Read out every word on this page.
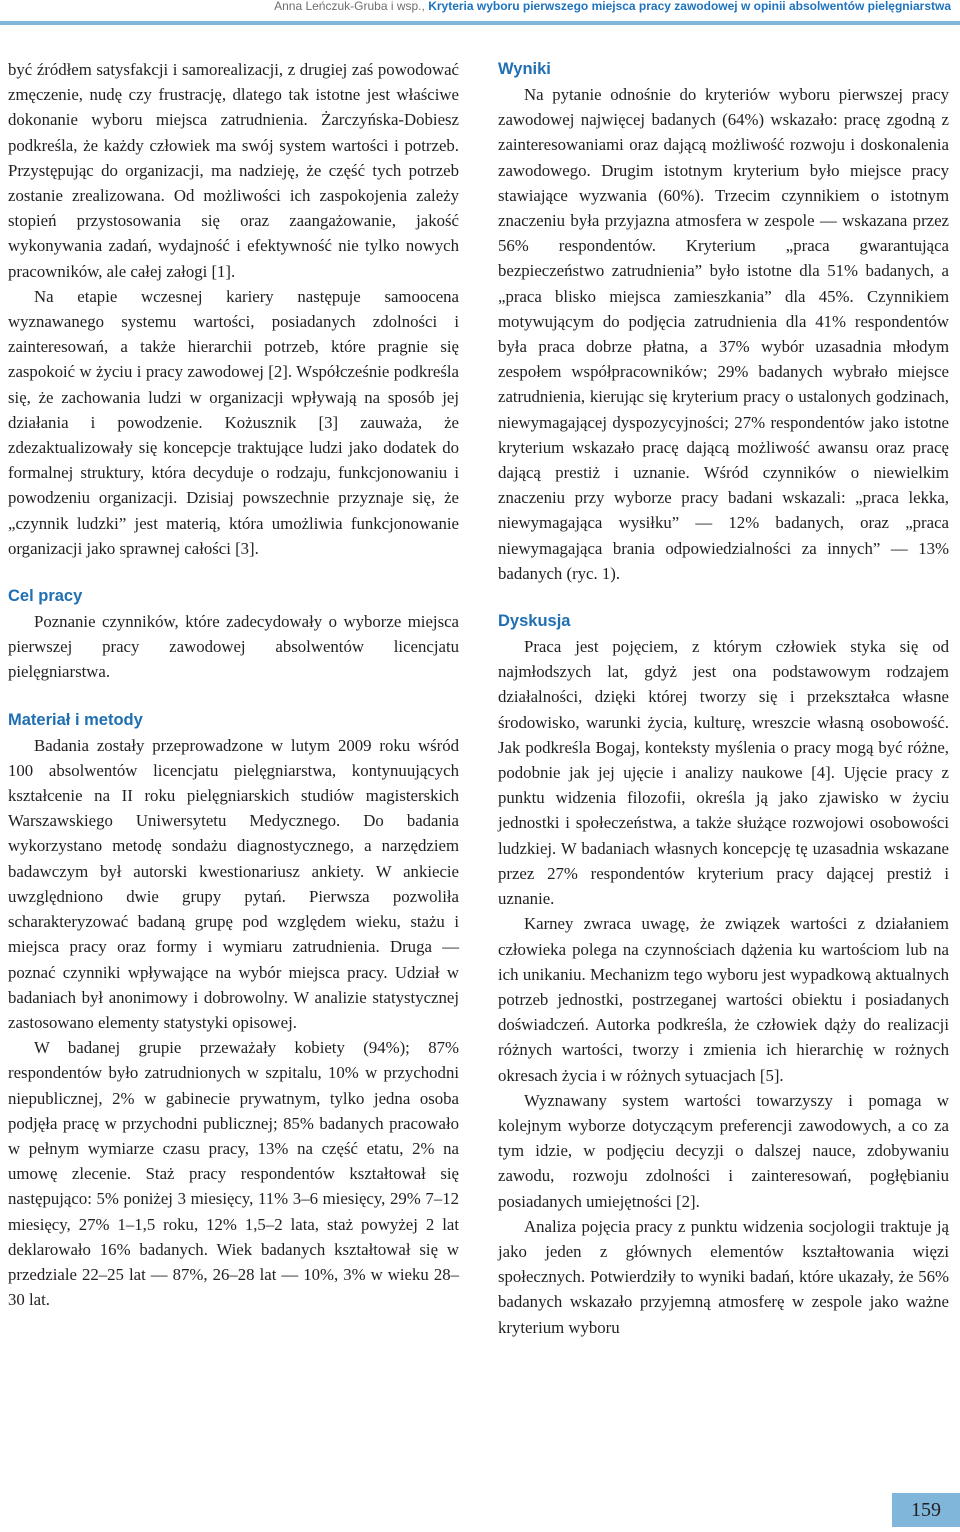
Anna Leńczuk-Gruba i wsp., Kryteria wyboru pierwszego miejsca pracy zawodowej w opinii absolwentów pielęgniarstwa

być źródłem satysfakcji i samorealizacji, z drugiej zaś powodować zmęczenie, nudę czy frustrację, dlatego tak istotne jest właściwe dokonanie wyboru miejsca zatrudnienia. Żarczyńska-Dobiesz podkreśla, że każdy człowiek ma swój system wartości i potrzeb. Przystępując do organizacji, ma nadzieję, że część tych potrzeb zostanie zrealizowana. Od możliwości ich zaspokojenia zależy stopień przystosowania się oraz zaangażowanie, jakość wykonywania zadań, wydajność i efektywność nie tylko nowych pracowników, ale całej załogi [1].

Na etapie wczesnej kariery następuje samoocena wyznawanego systemu wartości, posiadanych zdolności i zainteresowań, a także hierarchii potrzeb, które pragnie się zaspokoić w życiu i pracy zawodowej [2]. Współcześnie podkreśla się, że zachowania ludzi w organizacji wpływają na sposób jej działania i powodzenie. Kożusznik [3] zauważa, że zdezaktualizowały się koncepcje traktujące ludzi jako dodatek do formalnej struktury, która decyduje o rodzaju, funkcjonowaniu i powodzeniu organizacji. Dzisiaj powszechnie przyznaje się, że „czynnik ludzki” jest materią, która umożliwia funkcjonowanie organizacji jako sprawnej całości [3].

Cel pracy

Poznanie czynników, które zadecydowały o wyborze miejsca pierwszej pracy zawodowej absolwentów licencjatu pielęgniarstwa.

Materiał i metody

Badania zostały przeprowadzone w lutym 2009 roku wśród 100 absolwentów licencjatu pielęgniarstwa, kontynuujących kształcenie na II roku pielęgniarskich studiów magisterskich Warszawskiego Uniwersytetu Medycznego. Do badania wykorzystano metodę sondażu diagnostycznego, a narzędziem badawczym był autorski kwestionariusz ankiety. W ankiecie uwzględniono dwie grupy pytań. Pierwsza pozwoliła scharakteryzować badaną grupę pod względem wieku, stażu i miejsca pracy oraz formy i wymiaru zatrudnienia. Druga — poznać czynniki wpływające na wybór miejsca pracy. Udział w badaniach był anonimowy i dobrowolny. W analizie statystycznej zastosowano elementy statystyki opisowej.

W badanej grupie przeważały kobiety (94%); 87% respondentów było zatrudnionych w szpitalu, 10% w przychodni niepublicznej, 2% w gabinecie prywatnym, tylko jedna osoba podjęła pracę w przychodni publicznej; 85% badanych pracowało w pełnym wymiarze czasu pracy, 13% na część etatu, 2% na umowę zlecenie. Staż pracy respondentów kształtował się następująco: 5% poniżej 3 miesięcy, 11% 3–6 miesięcy, 29% 7–12 miesięcy, 27% 1–1,5 roku, 12% 1,5–2 lata, staż powyżej 2 lat deklarowało 16% badanych. Wiek badanych kształtował się w przedziale 22–25 lat — 87%, 26–28 lat — 10%, 3% w wieku 28–30 lat.

Wyniki

Na pytanie odnośnie do kryteriów wyboru pierwszej pracy zawodowej najwięcej badanych (64%) wskazało: pracę zgodną z zainteresowaniami oraz dającą możliwość rozwoju i doskonalenia zawodowego. Drugim istotnym kryterium było miejsce pracy stawiające wyzwania (60%). Trzecim czynnikiem o istotnym znaczeniu była przyjazna atmosfera w zespole — wskazana przez 56% respondentów. Kryterium „praca gwarantująca bezpieczeństwo zatrudnienia” było istotne dla 51% badanych, a „praca blisko miejsca zamieszkania” dla 45%. Czynnikiem motywującym do podjęcia zatrudnienia dla 41% respondentów była praca dobrze płatna, a 37% wybór uzasadnia młodym zespołem współpracowników; 29% badanych wybrało miejsce zatrudnienia, kierując się kryterium pracy o ustalonych godzinach, niewymagającej dyspozycyjności; 27% respondentów jako istotne kryterium wskazało pracę dającą możliwość awansu oraz pracę dającą prestiż i uznanie. Wśród czynników o niewielkim znaczeniu przy wyborze pracy badani wskazali: „praca lekka, niewymagająca wysiłku” — 12% badanych, oraz „praca niewymagająca brania odpowiedzialności za innych” — 13% badanych (ryc. 1).

Dyskusja

Praca jest pojęciem, z którym człowiek styka się od najmłodszych lat, gdyż jest ona podstawowym rodzajem działalności, dzięki której tworzy się i przekształca własne środowisko, warunki życia, kulturę, wreszcie własną osobowość. Jak podkreśla Bogaj, konteksty myślenia o pracy mogą być różne, podobnie jak jej ujęcie i analizy naukowe [4]. Ujęcie pracy z punktu widzenia filozofii, określa ją jako zjawisko w życiu jednostki i społeczeństwa, a także służące rozwojowi osobowości ludzkiej. W badaniach własnych koncepcję tę uzasadnia wskazane przez 27% respondentów kryterium pracy dającej prestiż i uznanie.

Karney zwraca uwagę, że związek wartości z działaniem człowieka polega na czynnościach dążenia ku wartościom lub na ich unikaniu. Mechanizm tego wyboru jest wypadkową aktualnych potrzeb jednostki, postrzeganej wartości obiektu i posiadanych doświadczeń. Autorka podkreśla, że człowiek dąży do realizacji różnych wartości, tworzy i zmienia ich hierarchię w rożnych okresach życia i w różnych sytuacjach [5].

Wyznawany system wartości towarzyszy i pomaga w kolejnym wyborze dotyczącym preferencji zawodowych, a co za tym idzie, w podjęciu decyzji o dalszej nauce, zdobywaniu zawodu, rozwoju zdolności i zainteresowań, pogłębianiu posiadanych umiejętności [2].

Analiza pojęcia pracy z punktu widzenia socjologii traktuje ją jako jeden z głównych elementów kształtowania więzi społecznych. Potwierdziły to wyniki badań, które ukazały, że 56% badanych wskazało przyjemną atmosferę w zespole jako ważne kryterium wyboru

159
